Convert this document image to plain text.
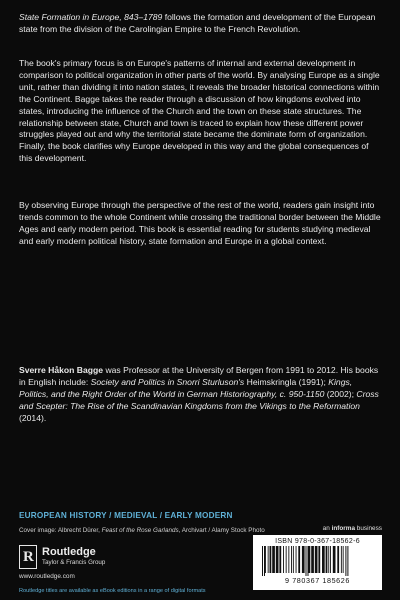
State Formation in Europe, 843–1789 follows the formation and development of the European state from the division of the Carolingian Empire to the French Revolution.
The book's primary focus is on Europe's patterns of internal and external development in comparison to political organization in other parts of the world. By analysing Europe as a single unit, rather than dividing it into nation states, it reveals the broader historical connections within the Continent. Bagge takes the reader through a discussion of how kingdoms evolved into states, introducing the influence of the Church and the town on these state structures. The relationship between state, Church and town is traced to explain how these different power struggles played out and why the territorial state became the dominate form of organization. Finally, the book clarifies why Europe developed in this way and the global consequences of this development.
By observing Europe through the perspective of the rest of the world, readers gain insight into trends common to the whole Continent while crossing the traditional border between the Middle Ages and early modern period. This book is essential reading for students studying medieval and early modern political history, state formation and Europe in a global context.
Sverre Håkon Bagge was Professor at the University of Bergen from 1991 to 2012. His books in English include: Society and Politics in Snorri Sturluson's Heimskringla (1991); Kings, Politics, and the Right Order of the World in German Historiography, c. 950-1150 (2002); Cross and Scepter: The Rise of the Scandinavian Kingdoms from the Vikings to the Reformation (2014).
EUROPEAN HISTORY / MEDIEVAL / EARLY MODERN
Cover image: Albrecht Dürer, Feast of the Rose Garlands, Archivart / Alamy Stock Photo
R Routledge
Taylor & Francis Group
www.routledge.com
Routledge titles are available as eBook editions in a range of digital formats
an informa business
ISBN 978-0-367-18562-6
9 780367 185626
